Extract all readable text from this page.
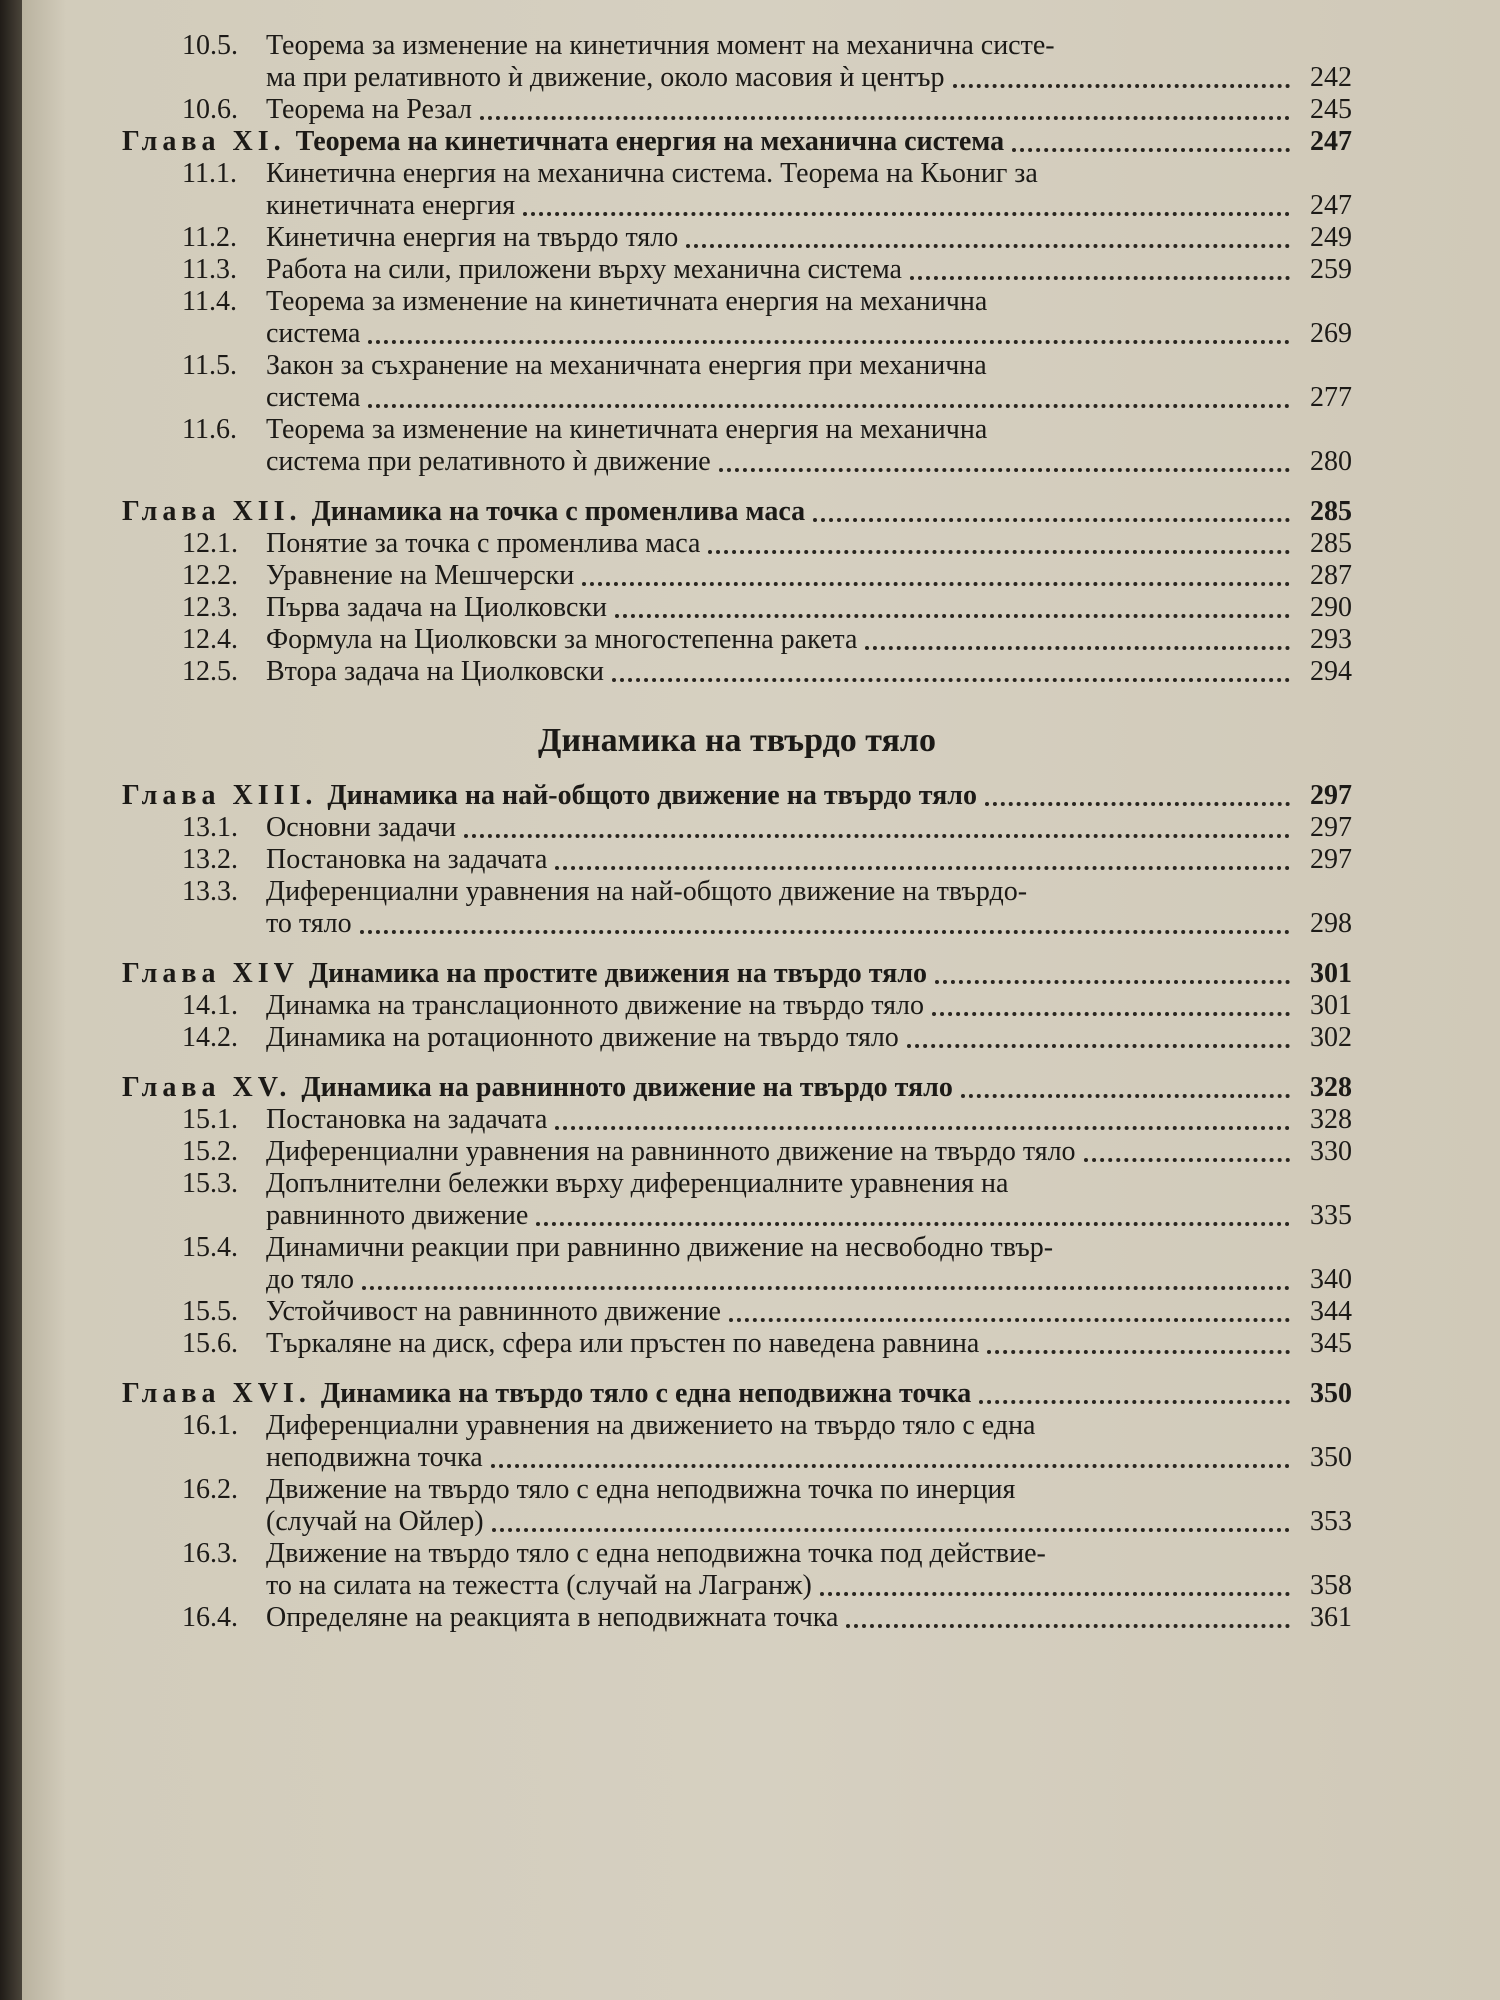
10.5.	Теорема за изменение на кинетичния момент на механична систе-
ма при релативното ѝ движение, около масовия ѝ център	242
10.6.	Теорема на Резал	245
Глава XI. Теорема на кинетичната енергия на механична система	247
11.1.	Кинетична енергия на механична система. Теорема на Кьониг за
кинетичната енергия	247
11.2.	Кинетична енергия на твърдо тяло	249
11.3.	Работа на сили, приложени върху механична система	259
11.4.	Теорема за изменение на кинетичната енергия на механична
система	269
11.5.	Закон за съхранение на механичната енергия при механична
система	277
11.6.	Теорема за изменение на кинетичната енергия на механична
система при релативното ѝ движение	280
Глава XII. Динамика на точка с променлива маса	285
12.1.	Понятие за точка с променлива маса	285
12.2.	Уравнение на Мешчерски	287
12.3.	Първа задача на Циолковски	290
12.4.	Формула на Циолковски за многостепенна ракета	293
12.5.	Втора задача на Циолковски	294
Динамика на твърдо тяло
Глава XIII. Динамика на най-общото движение на твърдо тяло	297
13.1.	Основни задачи	297
13.2.	Постановка на задачата	297
13.3.	Диференциални уравнения на най-общото движение на твърдо-
то тяло	298
Глава XIV Динамика на простите движения на твърдо тяло	301
14.1.	Динамка на транслационното движение на твърдо тяло	301
14.2.	Динамика на ротационното движение на твърдо тяло	302
Глава XV. Динамика на равнинното движение на твърдо тяло	328
15.1.	Постановка на задачата	328
15.2.	Диференциални уравнения на равнинното движение на твърдо тяло	330
15.3.	Допълнителни бележки върху диференциалните уравнения на
равнинното движение	335
15.4.	Динамични реакции при равнинно движение на несвободно твър-
до тяло	340
15.5.	Устойчивост на равнинното движение	344
15.6.	Търкаляне на диск, сфера или пръстен по наведена равнина	345
Глава XVI. Динамика на твърдо тяло с една неподвижна точка	350
16.1.	Диференциални уравнения на движението на твърдо тяло с една
неподвижна точка	350
16.2.	Движение на твърдо тяло с една неподвижна точка по инерция
(случай на Ойлер)	353
16.3.	Движение на твърдо тяло с една неподвижна точка под действие-
то на силата на тежестта (случай на Лагранж)	358
16.4.	Определяне на реакцията в неподвижната точка	361
